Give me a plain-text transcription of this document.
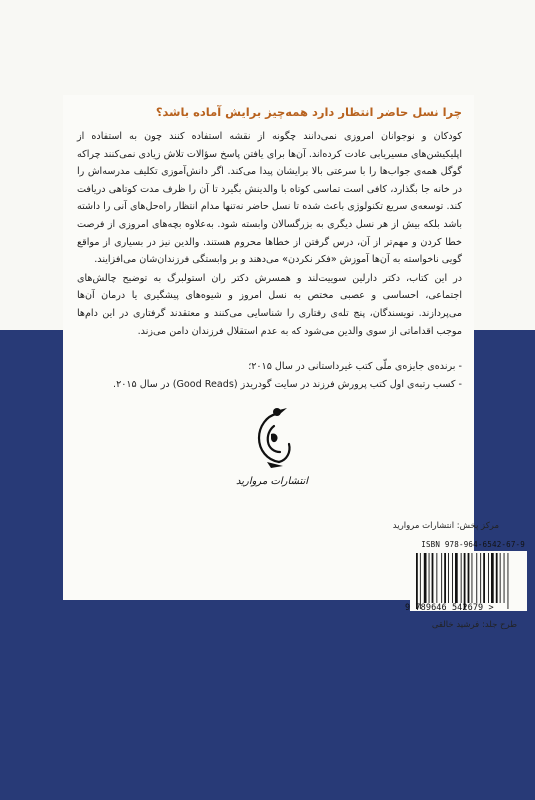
چرا نسل حاضر انتظار دارد همه‌چیز برایش آماده باشد؟

کودکان و نوجوانان امروزی نمی‌دانند چگونه از نقشه استفاده کنند چون به استفاده از اپلیکیشن‌های مسیریابی عادت کرده‌اند. آن‌ها برای یافتن پاسخ سؤالات تلاش زیادی نمی‌کنند چراکه گوگل همه‌ی جواب‌ها را با سرعتی بالا برایشان پیدا می‌کند. اگر دانش‌آموزی تکلیف مدرسه‌اش را در خانه جا بگذارد، کافی است تماسی کوتاه با والدینش بگیرد تا آن را ظرف مدت کوتاهی دریافت کند. توسعه‌ی سریع تکنولوژی باعث شده تا نسل حاضر نه‌تنها مدام انتظار راه‌حل‌های آنی را داشته باشد بلکه بیش از هر نسل دیگری به بزرگسالان وابسته شود. به‌علاوه بچه‌های امروزی از فرصت خطا کردن و مهم‌تر از آن، درس گرفتن از خطاها محروم هستند. والدین نیز در بسیاری از مواقع گویی ناخواسته به آن‌ها آموزش «فکر نکردن» می‌دهند و بر وابستگی فرزندان‌شان می‌افزایند.

در این کتاب، دکتر دارلین سوییت‌لند و همسرش دکتر ران استولبرگ به توضیح چالش‌های اجتماعی، احساسی و عصبی مختص به نسل امروز و شیوه‌های پیشگیری یا درمان آن‌ها می‌پردازند. نویسندگان، پنج تله‌ی رفتاری را شناسایی می‌کنند و معتقدند گرفتاری در این دام‌ها موجب اقداماتی از سوی والدین می‌شود که به عدم استقلال فرزندان دامن می‌زند.

- برنده‌ی جایزه‌ی ملّی کتب غیرداستانی در سال ۲۰۱۵؛

- کسب رتبه‌ی اول کتب پرورش فرزند در سایت گودریدز (Good Reads) در سال ۲۰۱۵.

انتشارات مروارید
مرکز پخش: انتشارات مروارید
ISBN 978-964-6542-67-9
9 789646 542679 >
طرح جلد: فرشید خالقی
